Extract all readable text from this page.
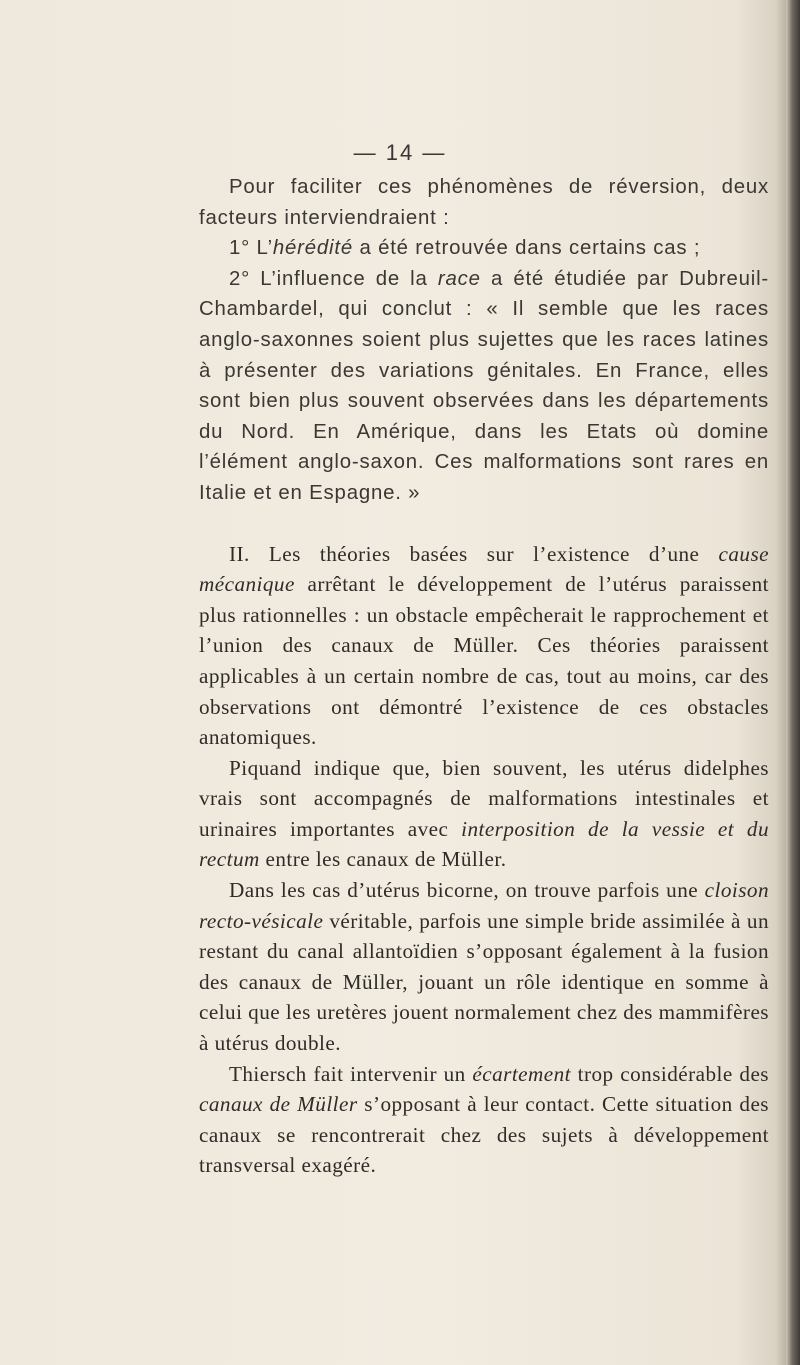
— 14 —

Pour faciliter ces phénomènes de réversion, deux facteurs interviendraient :

1° L’hérédité a été retrouvée dans certains cas ;

2° L’influence de la race a été étudiée par Dubreuil-Chambardel, qui conclut : « Il semble que les races anglo-saxonnes soient plus sujettes que les races latines à présenter des variations génitales. En France, elles sont bien plus souvent observées dans les départements du Nord. En Amérique, dans les Etats où domine l’élément anglo-saxon. Ces malformations sont rares en Italie et en Espagne. »

II. Les théories basées sur l’existence d’une cause mécanique arrêtant le développement de l’utérus paraissent plus rationnelles : un obstacle empêcherait le rapprochement et l’union des canaux de Müller. Ces théories paraissent applicables à un certain nombre de cas, tout au moins, car des observations ont démontré l’existence de ces obstacles anatomiques.

Piquand indique que, bien souvent, les utérus didelphes vrais sont accompagnés de malformations intestinales et urinaires importantes avec interposition de la vessie et du rectum entre les canaux de Müller.

Dans les cas d’utérus bicorne, on trouve parfois une cloison recto-vésicale véritable, parfois une simple bride assimilée à un restant du canal allantoïdien s’opposant également à la fusion des canaux de Müller, jouant un rôle identique en somme à celui que les uretères jouent normalement chez des mammifères à utérus double.

Thiersch fait intervenir un écartement trop considérable des canaux de Müller s’opposant à leur contact. Cette situation des canaux se rencontrerait chez des sujets à développement transversal exagéré.
